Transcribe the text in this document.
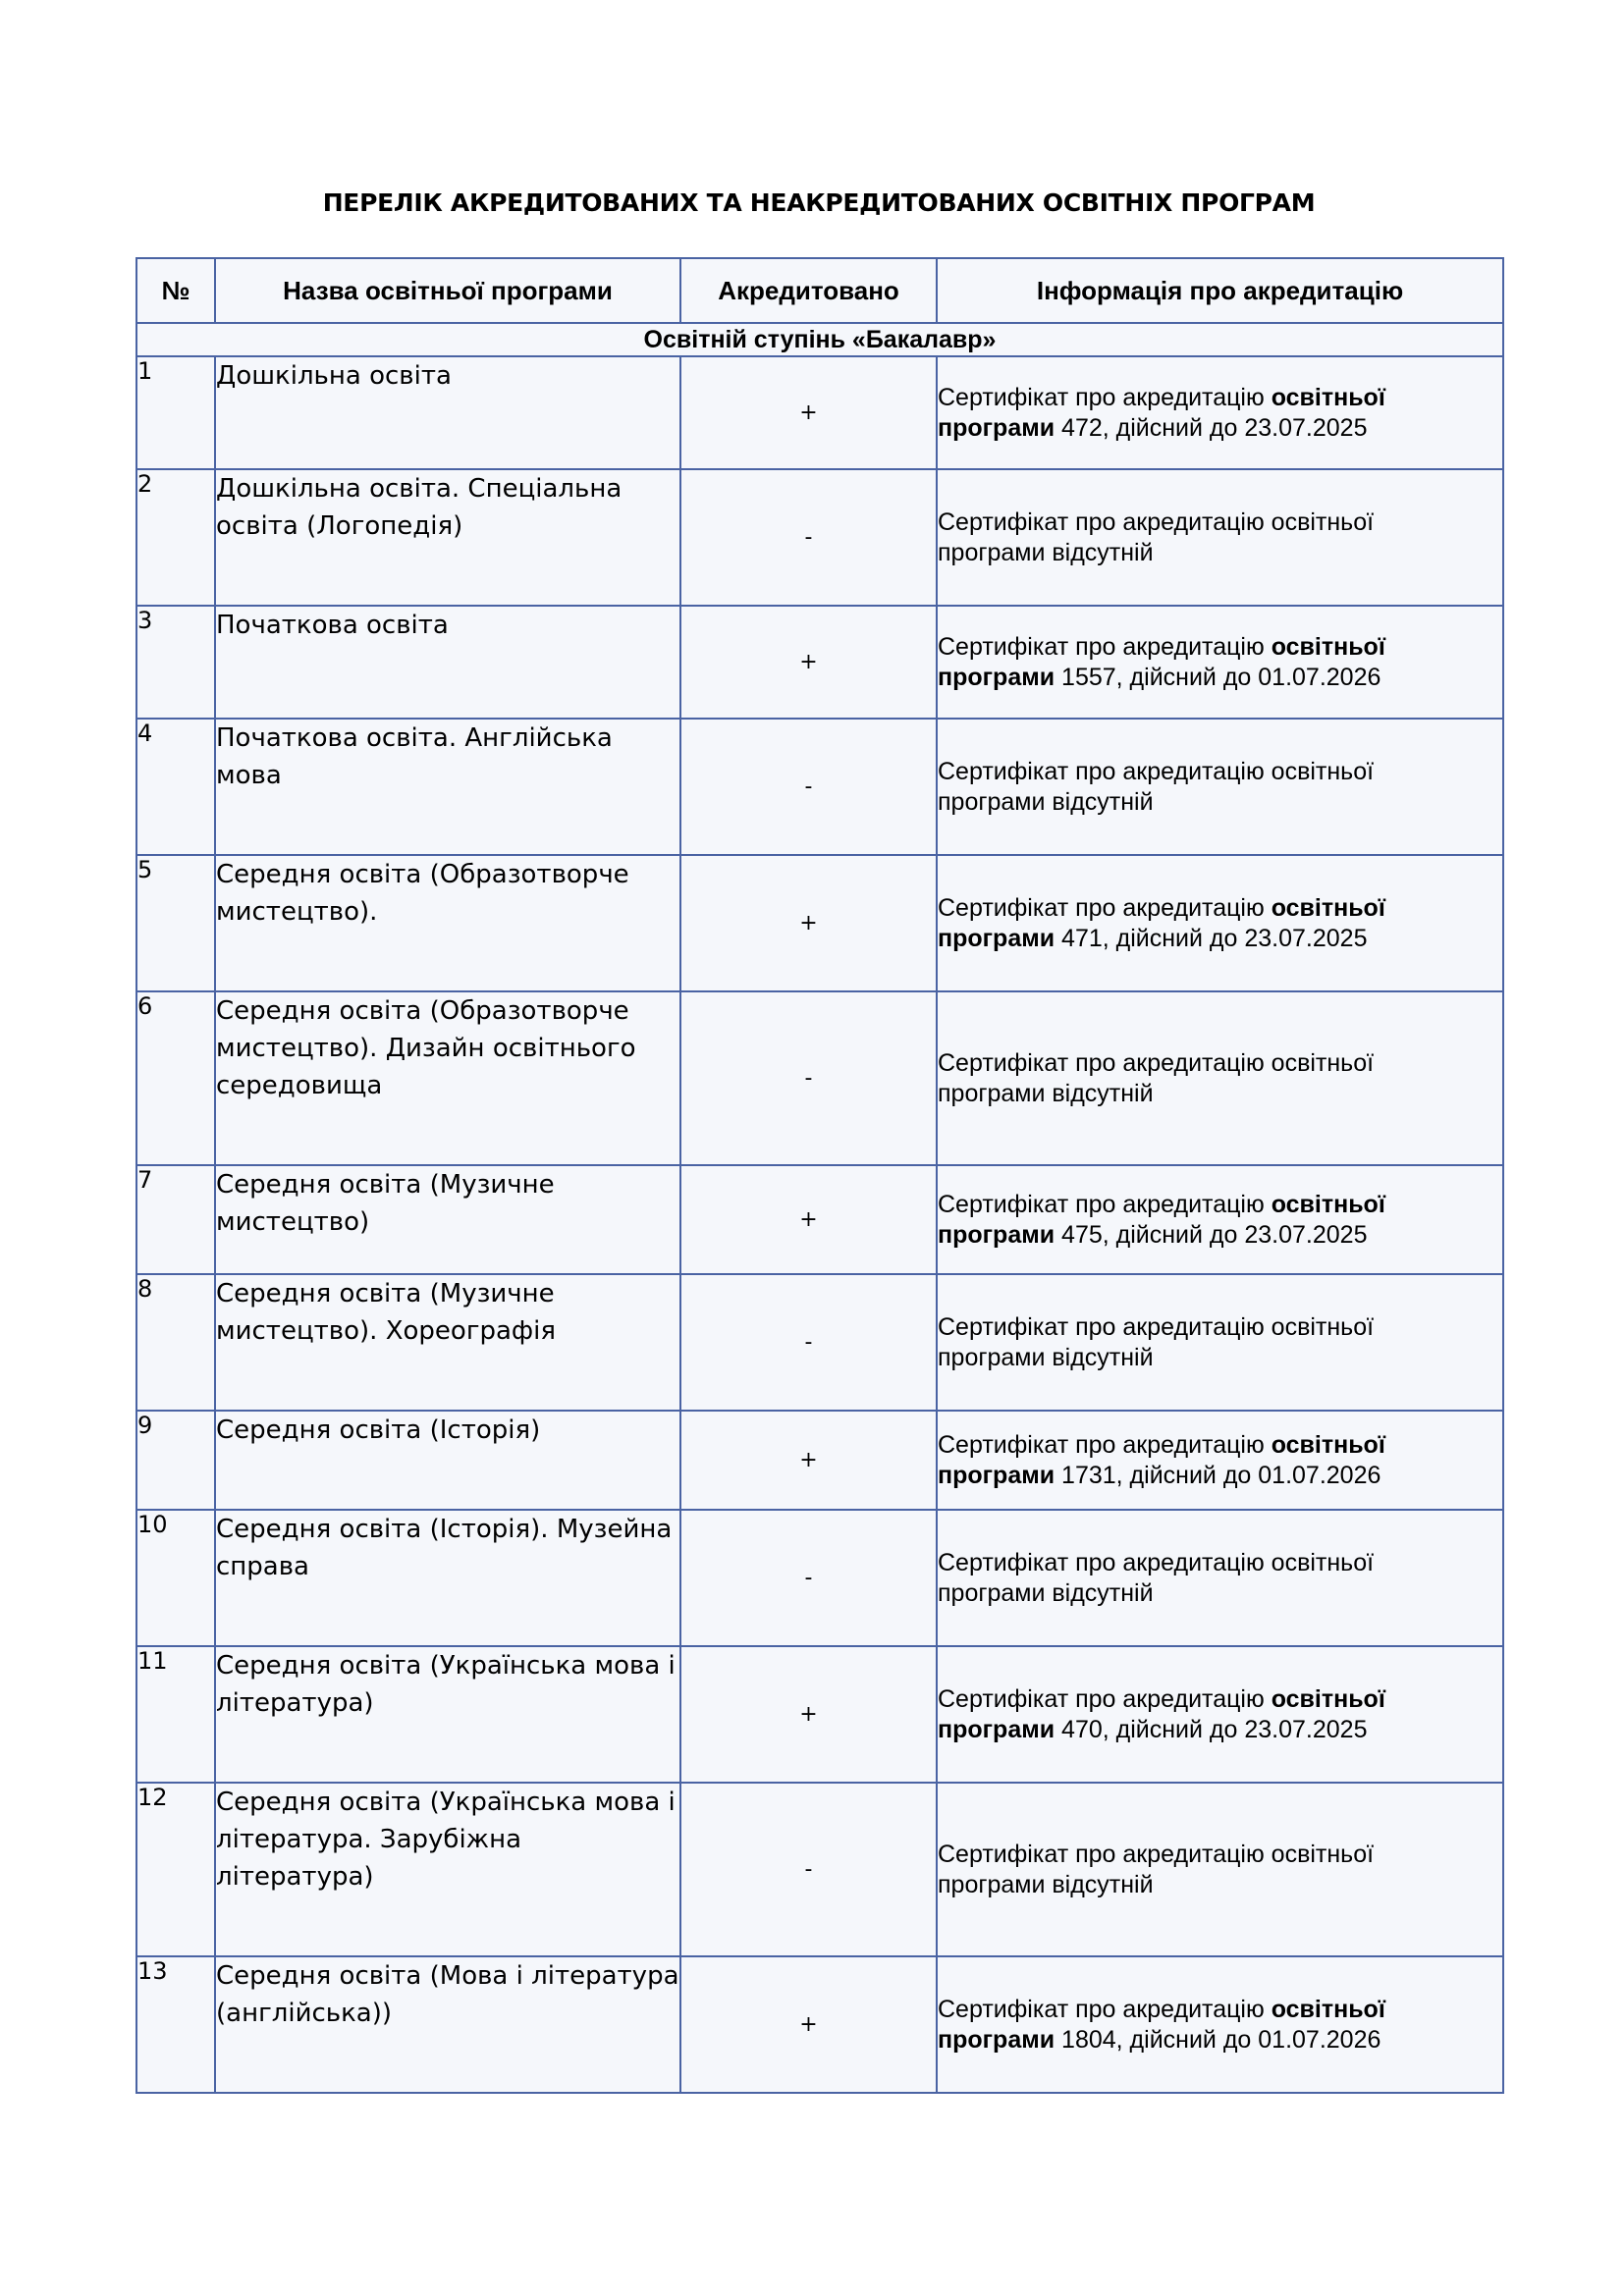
ПЕРЕЛІК АКРЕДИТОВАНИХ ТА НЕАКРЕДИТОВАНИХ ОСВІТНІХ ПРОГРАМ
№	Назва освітньої програми	Акредитовано	Інформація про акредитацію
Освітній ступінь «Бакалавр»			
1	Дошкільна освіта	+	Сертифікат про акредитацію освітньої
програми 472, дійсний до 23.07.2025
2	Дошкільна освіта. Спеціальна освіта (Логопедія)	-	Сертифікат про акредитацію освітньої
програми відсутній
3	Початкова освіта	+	Сертифікат про акредитацію освітньої
програми 1557, дійсний до 01.07.2026
4	Початкова освіта. Англійська мова	-	Сертифікат про акредитацію освітньої
програми відсутній
5	Середня освіта (Образотворче мистецтво).	+	Сертифікат про акредитацію освітньої
програми 471, дійсний до 23.07.2025
6	Середня освіта (Образотворче мистецтво). Дизайн освітнього середовища	-	Сертифікат про акредитацію освітньої
програми відсутній
7	Середня освіта (Музичне мистецтво)	+	Сертифікат про акредитацію освітньої
програми 475, дійсний до 23.07.2025
8	Середня освіта (Музичне мистецтво). Хореографія	-	Сертифікат про акредитацію освітньої
програми відсутній
9	Середня освіта (Історія)	+	Сертифікат про акредитацію освітньої
програми 1731, дійсний до 01.07.2026
10	Середня освіта (Історія). Музейна справа	-	Сертифікат про акредитацію освітньої
програми відсутній
11	Середня освіта (Українська мова і література)	+	Сертифікат про акредитацію освітньої
програми 470, дійсний до 23.07.2025
12	Середня освіта (Українська мова і література. Зарубіжна література)	-	Сертифікат про акредитацію освітньої
програми відсутній
13	Середня освіта (Мова і література (англійська))	+	Сертифікат про акредитацію освітньої
програми 1804, дійсний до 01.07.2026
